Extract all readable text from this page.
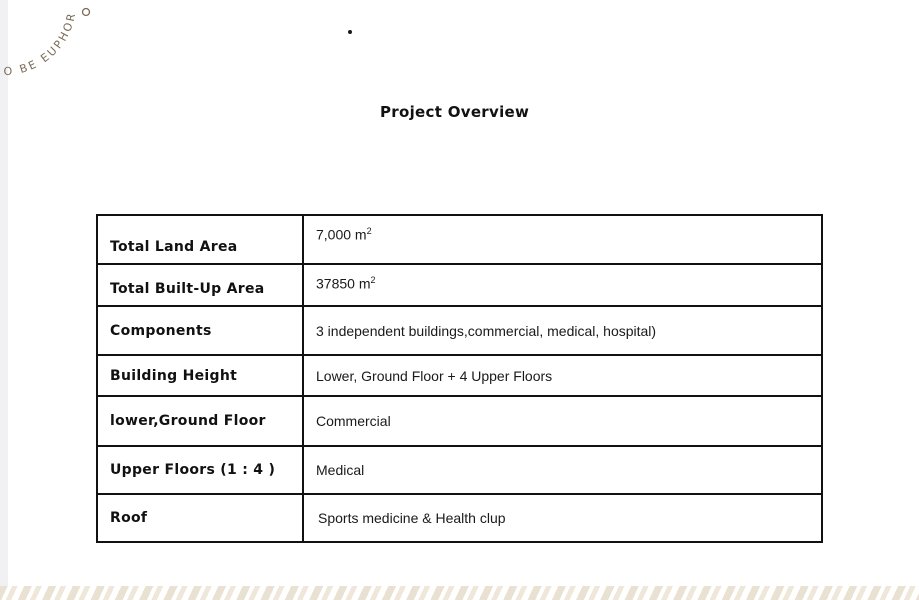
O BE EUPHOR
Project Overview
Total Land Area	7,000 $m^2$
Total Built-Up Area	37850 $m^2$
Components	3 independent buildings,commercial, medical, hospital)
Building Height	Lower, Ground Floor + 4 Upper Floors
lower,Ground Floor	Commercial
Upper Floors (1 : 4 )	Medical
Roof	Sports medicine & Health clup
